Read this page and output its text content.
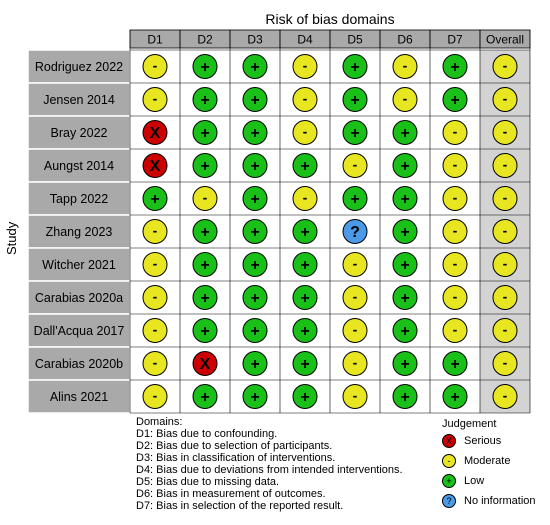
Risk of bias domains
D1	D2	D3	D4	D5	D6	D7 Overall
Rodriguez 2022 -	+	+	-	+	-	+	-
Jensen 2014	-	+	+	-	+	-	+	-
Bray 2022	X +	+	-	+	+	-	-
Aungst 2014 X +	+	+	-	+	-	-
Tapp 2022	+	-	+	-	+	+	-	-
Zhang 2023	-	+	+	+	?	+	-	-
Witcher 2021	-	+	+	+	-	+	-	-
Carabias 2020a -	+	+	+	-	+	-	-
Dall'Acqua 2017 -	+	+	+	-	+	-	-
Carabias 2020b -	X +	+	-	+	+	-
Alins 2021	-	+	+	+	-	+	+	-
Study
Domains:
D1: Bias due to confounding.
D2: Bias due to selection of participants.
D3: Bias in classification of interventions.
D4: Bias due to deviations from intended interventions.
D5: Bias due to missing data.
D6: Bias in measurement of outcomes.
D7: Bias in selection of the reported result.
Judgement
X	Serious
-	Moderate
+	Low
?	No information
